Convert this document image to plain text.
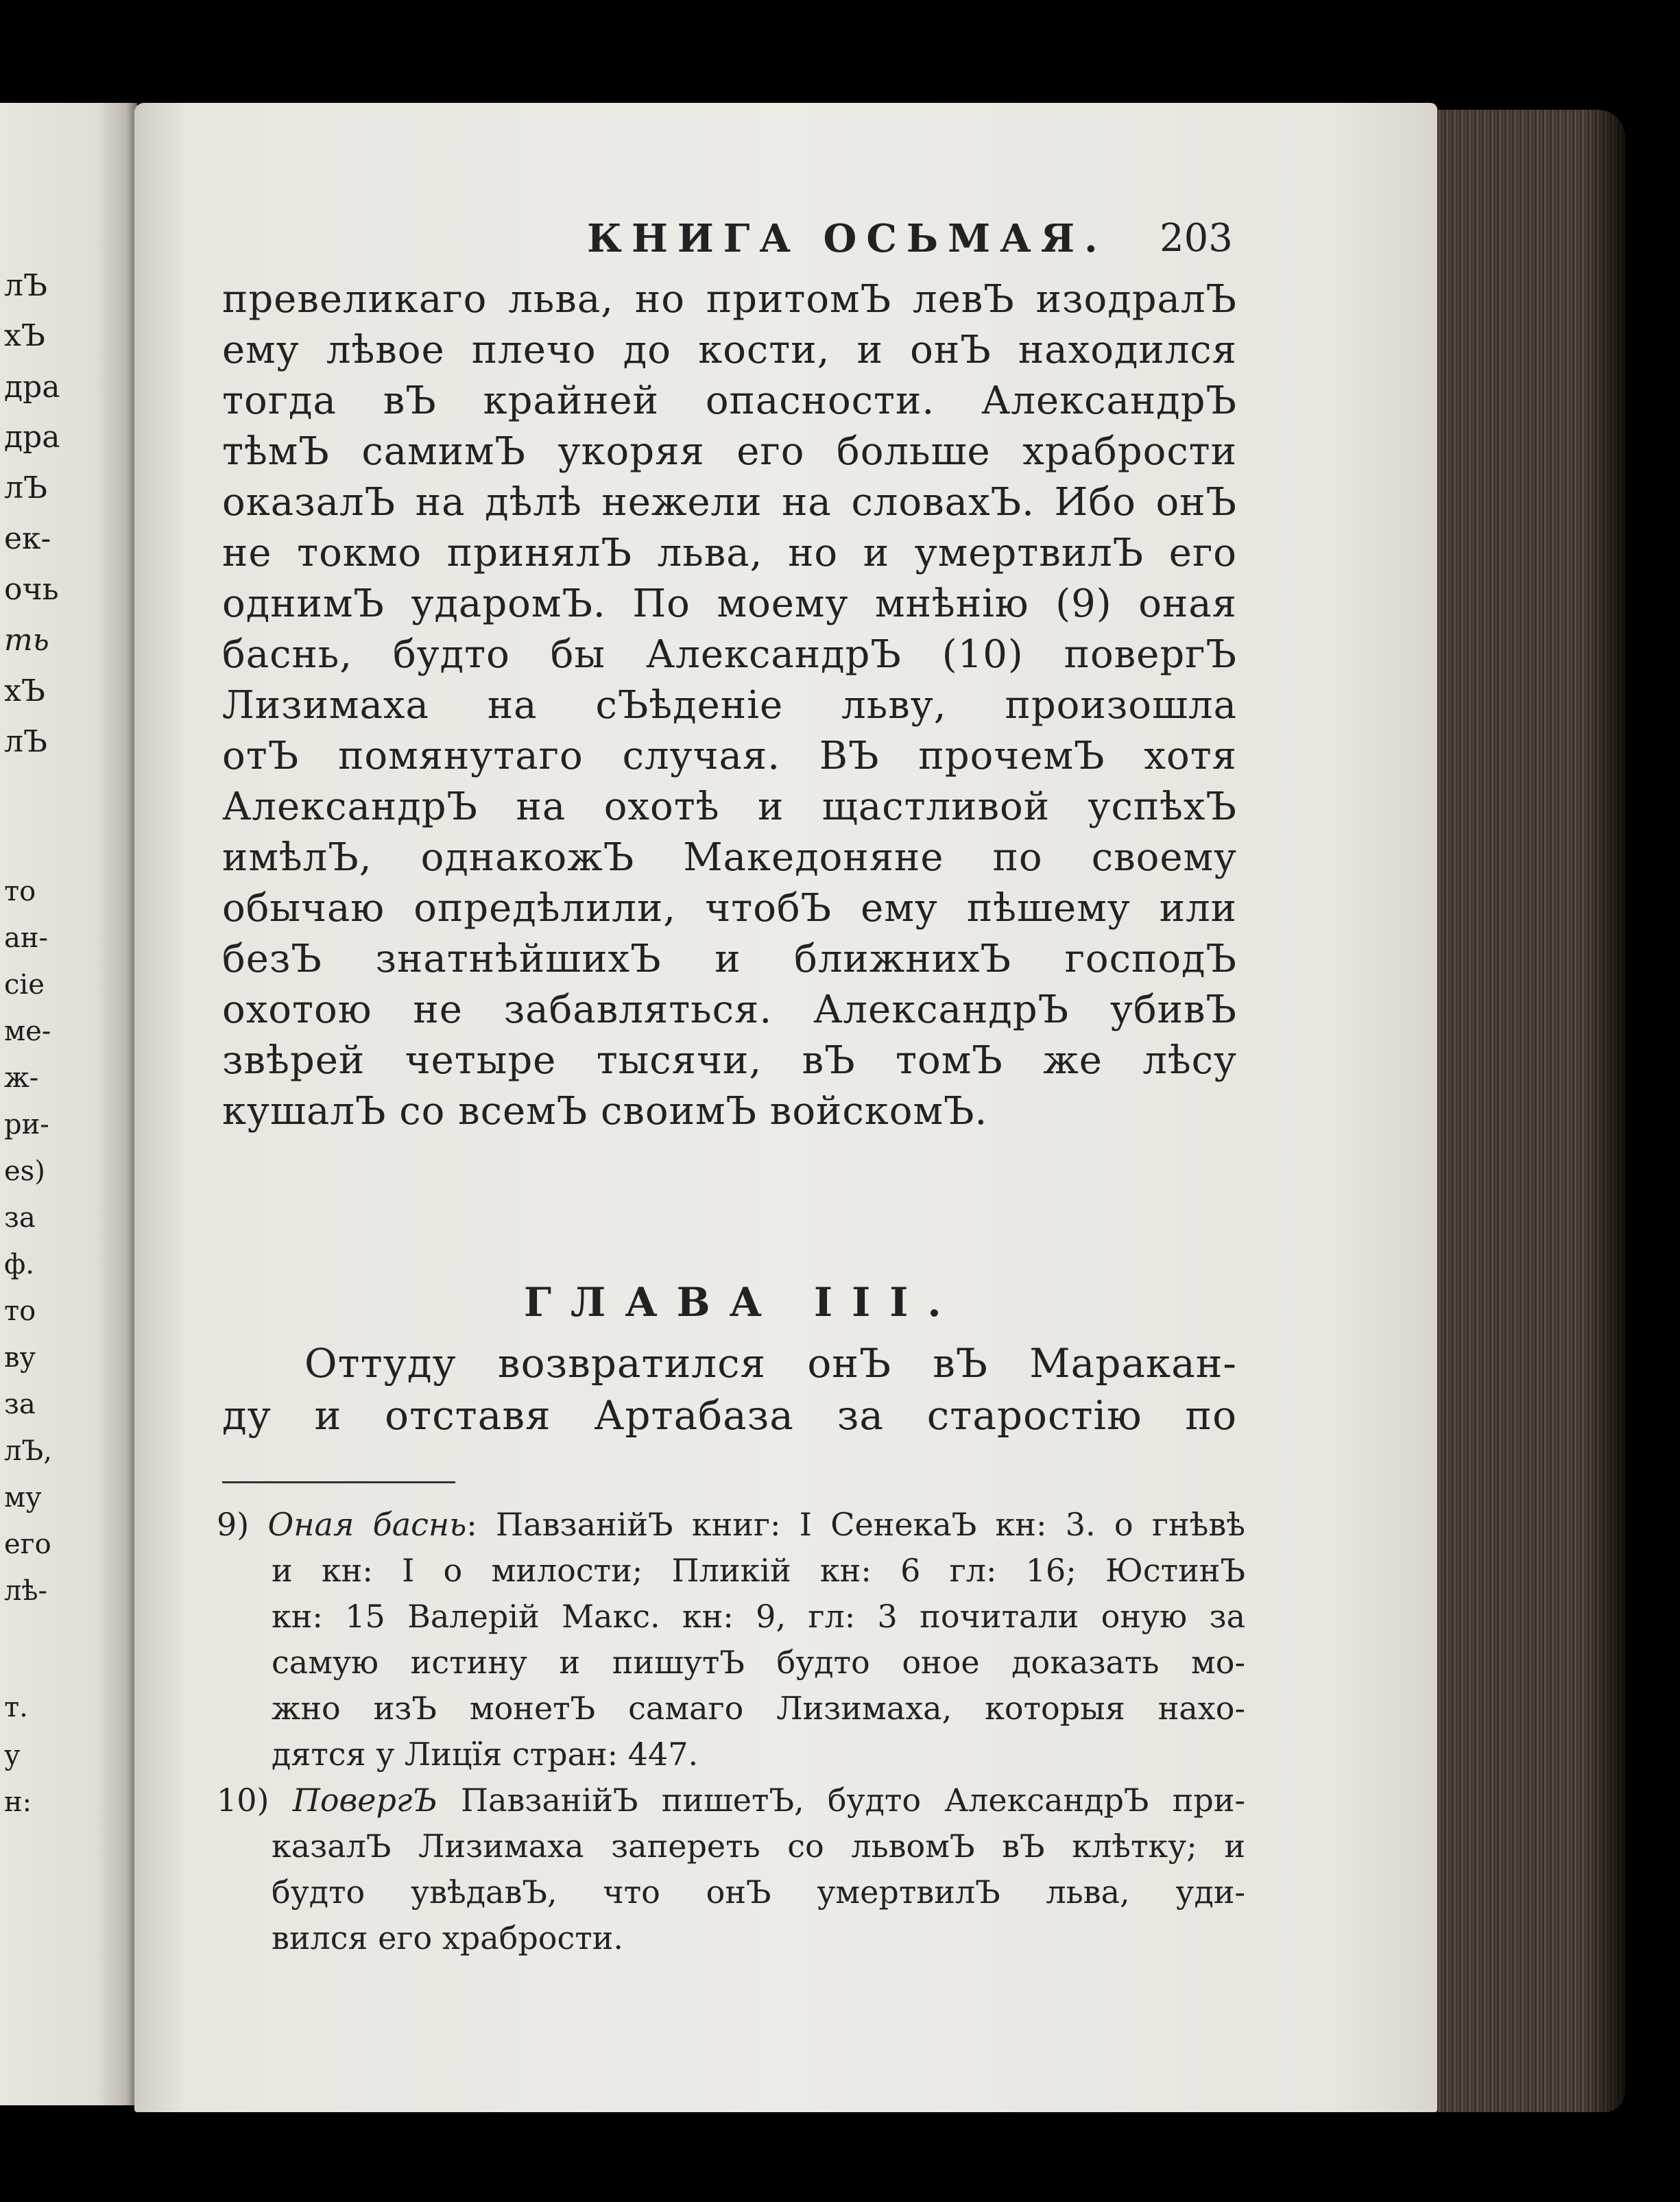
лЪ
хЪ
дра
дра
лЪ
ек-
очь
ть
хЪ
лЪ
то
ан-
сіе
ме-
ж-
ри-
es)
за
ф.
то
ву
за
лЪ,
му
его
лѣ-
т.
у
н:
КНИГА ОСЬМАЯ. 203
превеликаго льва, но притомЪ левЪ изодралЪ
ему лѣвое плечо до кости, и онЪ находился
тогда вЪ крайней опасности. АлександрЪ
тѣмЪ самимЪ укоряя его больше храбрости
оказалЪ на дѣлѣ нежели на словахЪ. Ибо онЪ
не токмо принялЪ льва, но и умертвилЪ его
однимЪ ударомЪ. По моему мнѣнію (9) оная
баснь, будто бы АлександрЪ (10) повергЪ
Лизимаха на сЪѣденіе льву, произошла
отЪ помянутаго случая. ВЪ прочемЪ хотя
АлександрЪ на охотѣ и щастливой успѣхЪ
имѣлЪ, однакожЪ Македоняне по своему
обычаю опредѣлили, чтобЪ ему пѣшему или
безЪ знатнѣйшихЪ и ближнихЪ господЪ
охотою не забавляться. АлександрЪ убивЪ
звѣрей четыре тысячи, вЪ томЪ же лѣсу
кушалЪ со всемЪ своимЪ войскомЪ.
ГЛАВА III.
Оттуду возвратился онЪ вЪ Маракан-
ду и отставя Артабаза за старостію по
9) Оная баснь: ПавзанійЪ книг: I СенекаЪ кн: 3. о гнѣвѣ
и кн: I о милости; Пликій кн: 6 гл: 16; ЮстинЪ
кн: 15 Валерій Макс. кн: 9, гл: 3 почитали оную за
самую истину и пишутЪ будто оное доказать мо-
жно изЪ монетЪ самаго Лизимаха, которыя нахо-
дятся у Лицїя стран: 447.
10) ПовергЪ ПавзанійЪ пишетЪ, будто АлександрЪ при-
казалЪ Лизимаха запереть со львомЪ вЪ клѣтку; и
будто увѣдавЪ, что онЪ умертвилЪ льва, уди-
вился его храбрости.
